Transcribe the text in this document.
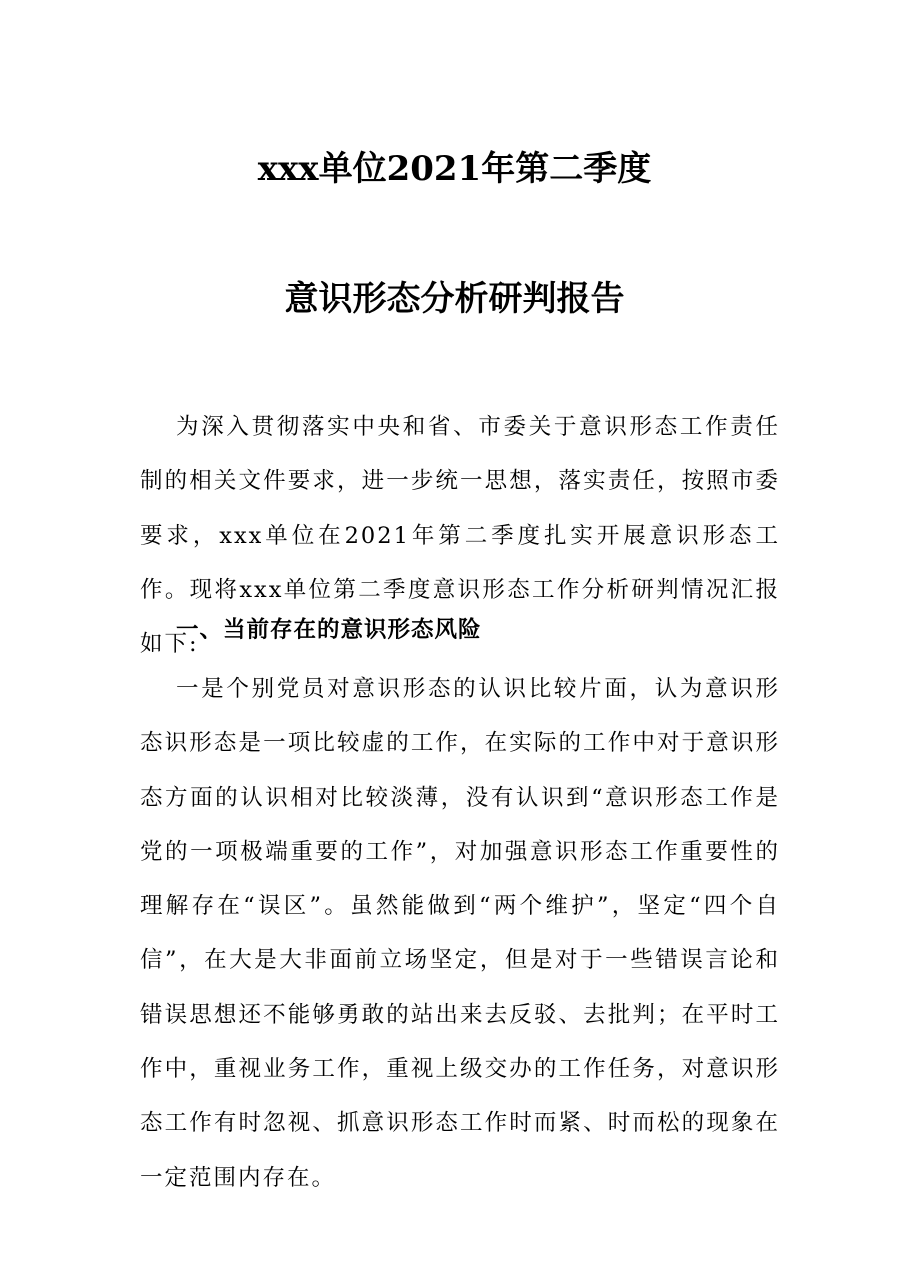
xxx单位2021年第二季度
意识形态分析研判报告

为深入贯彻落实中央和省、市委关于意识形态工作责任制的相关文件要求，进一步统一思想，落实责任，按照市委要求，xxx单位在2021年第二季度扎实开展意识形态工作。现将xxx单位第二季度意识形态工作分析研判情况汇报如下:

一、当前存在的意识形态风险

一是个别党员对意识形态的认识比较片面，认为意识形态识形态是一项比较虚的工作，在实际的工作中对于意识形态方面的认识相对比较淡薄，没有认识到“意识形态工作是党的一项极端重要的工作”，对加强意识形态工作重要性的理解存在“误区”。虽然能做到“两个维护”，坚定“四个自信”，在大是大非面前立场坚定，但是对于一些错误言论和错误思想还不能够勇敢的站出来去反驳、去批判；在平时工作中，重视业务工作，重视上级交办的工作任务，对意识形态工作有时忽视、抓意识形态工作时而紧、时而松的现象在一定范围内存在。
